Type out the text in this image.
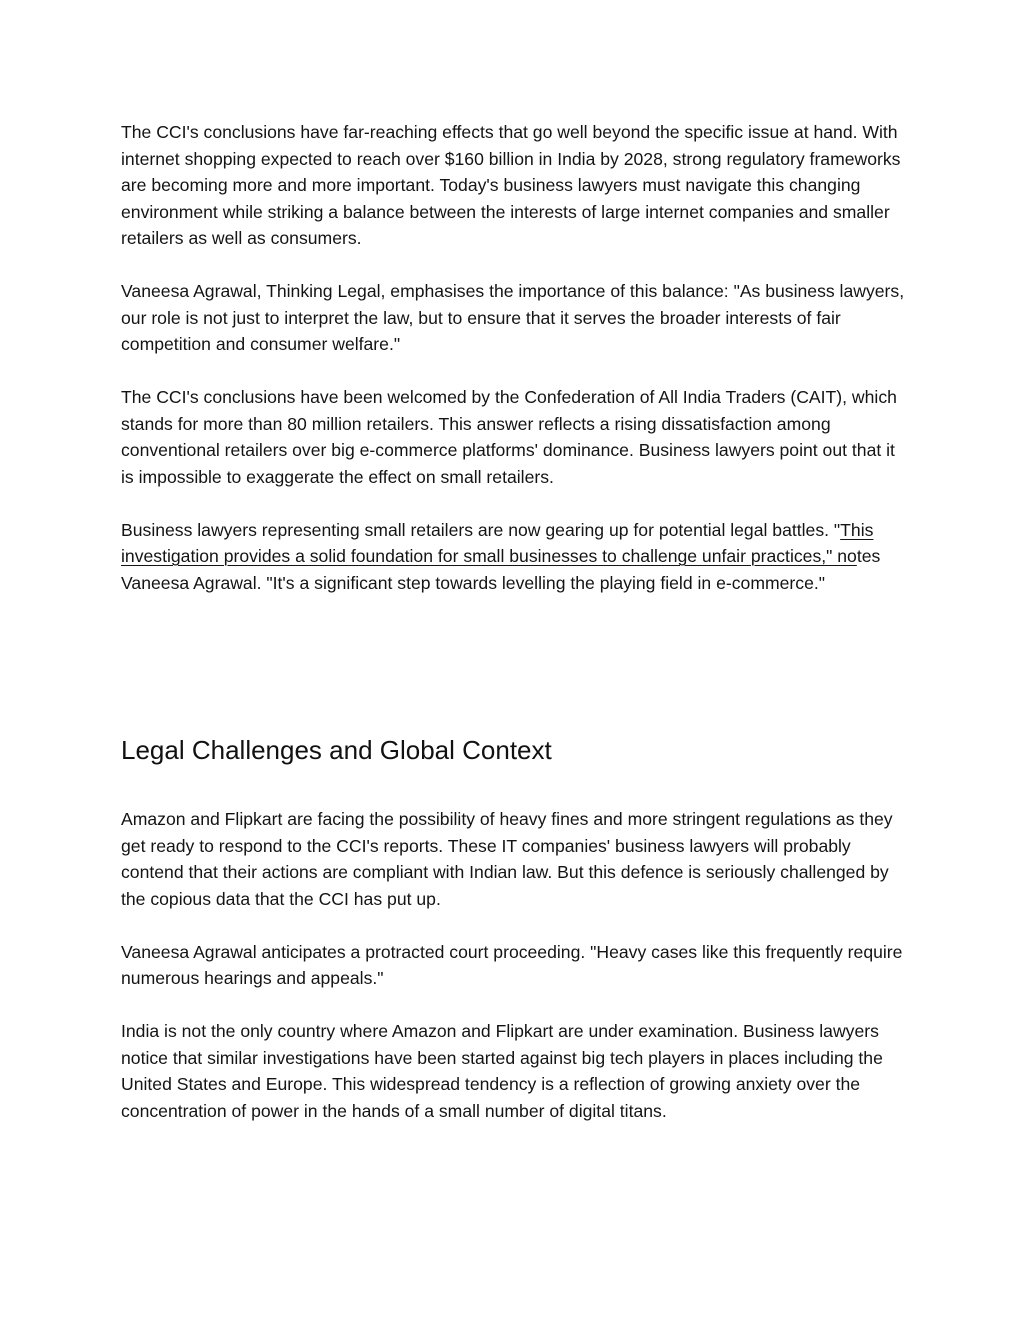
The CCI's conclusions have far-reaching effects that go well beyond the specific issue at hand. With internet shopping expected to reach over $160 billion in India by 2028, strong regulatory frameworks are becoming more and more important. Today's business lawyers must navigate this changing environment while striking a balance between the interests of large internet companies and smaller retailers as well as consumers.

Vaneesa Agrawal, Thinking Legal, emphasises the importance of this balance: "As business lawyers, our role is not just to interpret the law, but to ensure that it serves the broader interests of fair competition and consumer welfare."

The CCI's conclusions have been welcomed by the Confederation of All India Traders (CAIT), which stands for more than 80 million retailers. This answer reflects a rising dissatisfaction among conventional retailers over big e-commerce platforms' dominance. Business lawyers point out that it is impossible to exaggerate the effect on small retailers.

Business lawyers representing small retailers are now gearing up for potential legal battles. "This investigation provides a solid foundation for small businesses to challenge unfair practices," notes Vaneesa Agrawal. "It's a significant step towards levelling the playing field in e-commerce."

Legal Challenges and Global Context

Amazon and Flipkart are facing the possibility of heavy fines and more stringent regulations as they get ready to respond to the CCI's reports. These IT companies' business lawyers will probably contend that their actions are compliant with Indian law. But this defence is seriously challenged by the copious data that the CCI has put up.

Vaneesa Agrawal anticipates a protracted court proceeding. "Heavy cases like this frequently require numerous hearings and appeals."

India is not the only country where Amazon and Flipkart are under examination. Business lawyers notice that similar investigations have been started against big tech players in places including the United States and Europe. This widespread tendency is a reflection of growing anxiety over the concentration of power in the hands of a small number of digital titans.
